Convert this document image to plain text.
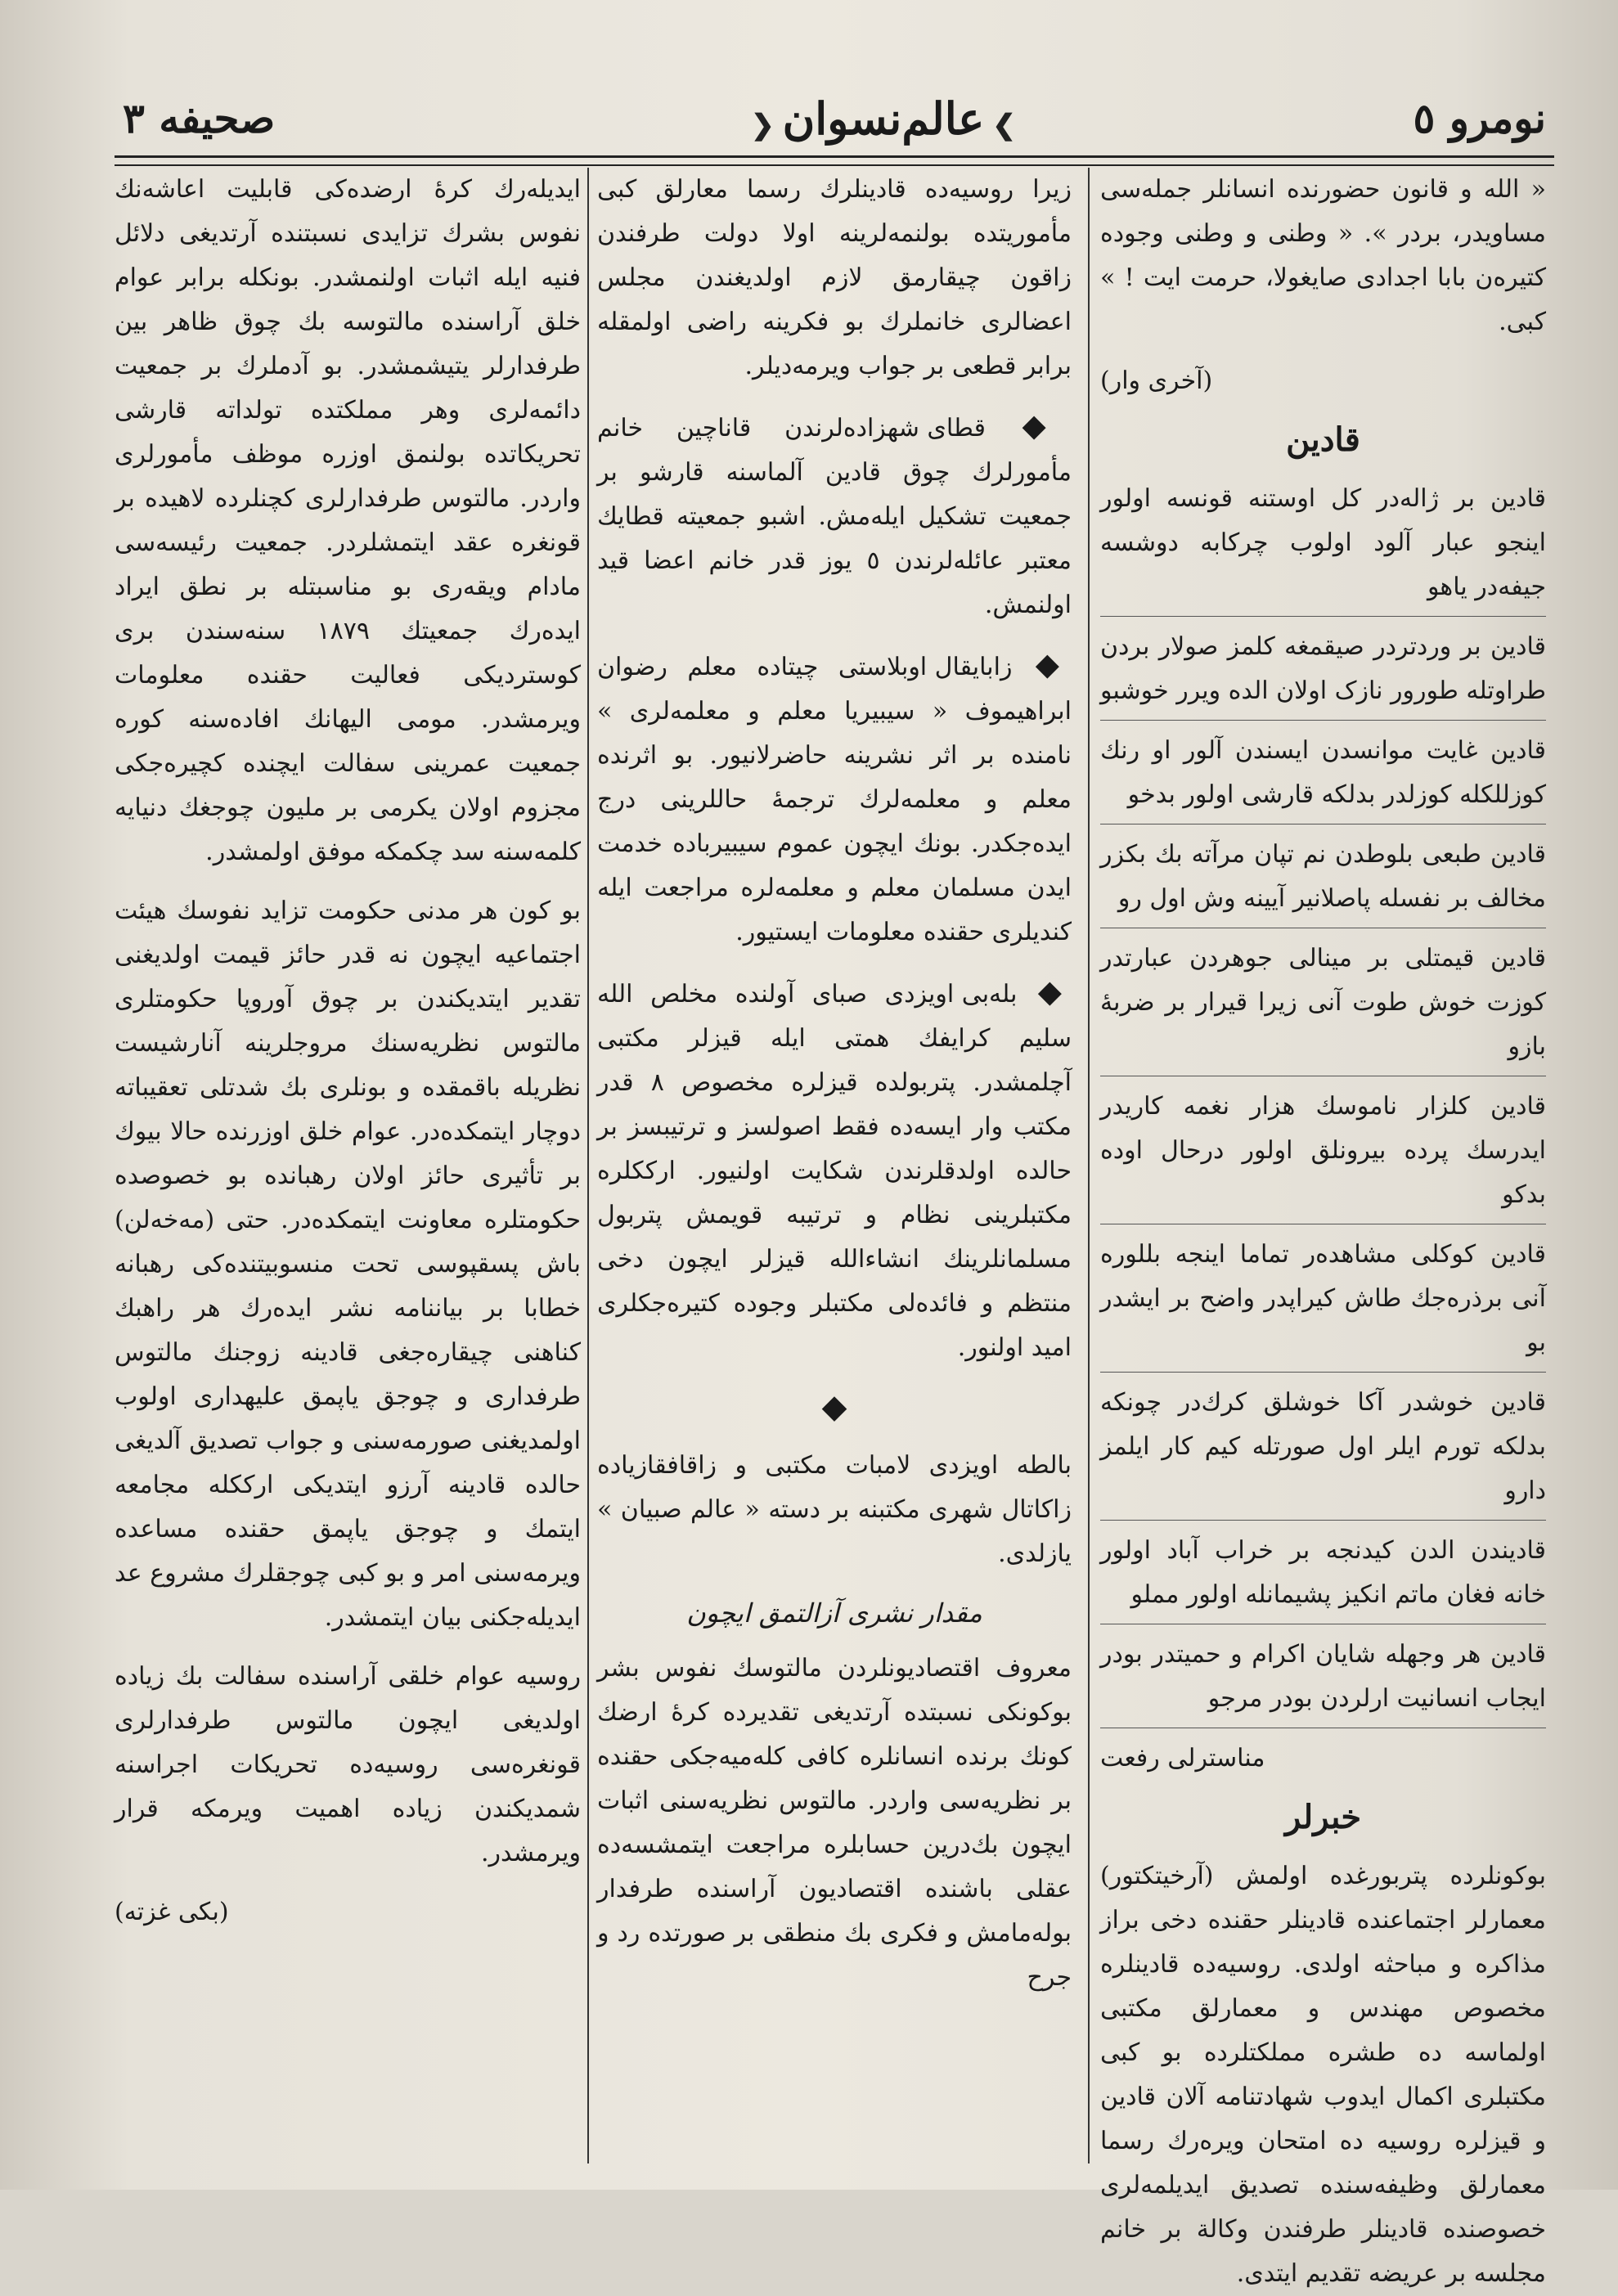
نومرو ٥
❯عالم‌نسوان❮
صحیفه ٣

« الله و قانون حضورنده انسانلر جمله‌سی مساویدر، بردر ». « وطنی و وطنی وجوده کتیره‌ن بابا اجدادی صایغولا، حرمت ایت ! » کبی.

(آخری وار)

قادین

قادین بر ژاله‌در کل اوستنه قونسه اولور اینجو عبار آلود اولوب چرکابه دوشسه جیفه‌در یاهو

قادین بر وردتردر صیقمغه کلمز صولار بردن طراوتله طورور نازک اولان الده ویرر خوشبو

قادین غایت موانسدن ایسندن آلور او رنك کوزللکله کوزلدر بدلکه قارشی اولور بدخو

قادین طبعی بلوطدن نم تپان مرآته بك بکزر مخالف بر نفسله پاصلانیر آیینه وش اول رو

قادین قیمتلی بر مینالی جوهردن عبارتدر کوزت خوش طوت آنی زیرا قیرار بر ضربهٔ بازو

قادین کلزار ناموسك هزار نغمه کاریدر ایدرسك پرده بیرونلق اولور درحال اوده بدکو

قادین کوکلی مشاهده‌ر تماما اینجه بللوره آنی برذره‌جك طاش کیراپدر واضح بر ایشدر بو

قادین خوشدر آکا خوشلق کرك‌در چونکه بدلکه تورم ایلر اول صورتله کیم کار ایلمز دارو

قادیندن الدن کیدنجه بر خراب آباد اولور خانه فغان ماتم انکیز پشیمانله اولور مملو

قادین هر وجهله شایان اکرام و حمیتدر بودر ایجاب انسانیت ارلردن بودر مرجو

مناسترلی رفعت

خبرلر

بوکونلرده پتربورغده اولمش (آرخیتکتور) معمارلر اجتماعنده قادینلر حقنده دخی براز مذاکره و مباحثه اولدی. روسیه‌ده قادینلره مخصوص مهندس و معمارلق مکتبی اولماسه ده طشره مملکتلرده بو کبی مکتبلری اکمال ایدوب شهادتنامه آلان قادین و قیزلره روسیه ده امتحان ویره‌رك رسما معمارلق وظیفه‌سنده تصدیق ایدیلمه‌لری خصوصنده قادینلر طرفندن وکالة بر خانم مجلسه بر عریضه تقدیم ایتدی.

زیرا روسیه‌ده قادینلرك رسما معارلق کبی مأموریتده بولنمه‌لرینه اولا دولت طرفندن زاقون چیقارمق لازم اولدیغندن مجلس اعضالری خانملرك بو فکرینه راضی اولمقله برابر قطعی بر جواب ویرمه‌دیلر.

◆ قطای شهزاده‌لرندن قاناچین خانم مأمورلرك چوق قادین آلماسنه قارشو بر جمعیت تشکیل ایله‌مش. اشبو جمعیته قطایك معتبر عائله‌لرندن ٥ یوز قدر خانم اعضا قید اولنمش.

◆ زابایقال اوبلاستی چیتاده معلم رضوان ابراهیموف « سیبیریا معلم و معلمه‌لری » نامنده بر اثر نشرینه حاضرلانیور. بو اثرنده معلم و معلمه‌لرك ترجمهٔ حاللرینی درج ایده‌جکدر. بونك ایچون عموم سیبیرباده خدمت ایدن مسلمان معلم و معلمه‌لره مراجعت ایله کندیلری حقنده معلومات ایستیور.

◆ بله‌بی اویزدی صبای آولنده مخلص الله سلیم کرایفك همتی ایله قیزلر مکتبی آچلمشدر. پتربولده قیزلره مخصوص ٨ قدر مکتب وار ایسه‌ده فقط اصولسز و ترتیبسز بر حالده اولدقلرندن شکایت اولنیور. ارککلره مکتبلرینی نظام و ترتیبه قویمش پتربول مسلمانلرینك انشاءالله قیزلر ایچون دخی منتظم و فائده‌لی مکتبلر وجوده کتیره‌جکلری امید اولنور.

◆

بالطه اویزدی لامبات مکتبی و زاقافقازیاده زاکاتال شهری مکتبنه بر دسته « عالم صبیان » یازلدی.

مقدار نشری آزالتمق ایچون

معروف اقتصادیونلردن مالتوسك نفوس بشر بوکونکی نسبتده آرتدیغی تقدیرده کرهٔ ارضك کونك برنده انسانلره کافی کله‌میه‌جکی حقنده بر نظریه‌سی واردر. مالتوس نظریه‌سنی اثبات ایچون بك‌درین حسابلره مراجعت ایتمشسه‌ده عقلی باشنده اقتصادیون آراسنده طرفدار بوله‌مامش و فکری بك منطقی بر صورتده رد و جرح

ایدیله‌رك کرهٔ ارضده‌کی قابلیت اعاشه‌نك نفوس بشرك تزایدی نسبتنده آرتدیغی دلائل فنیه ایله اثبات اولنمشدر. بونکله برابر عوام خلق آراسنده مالتوسه بك چوق ظاهر بین طرفدارلر یتیشمشدر. بو آدملرك بر جمعیت دائمه‌لری وهر مملکتده تولداته قارشی تحریکاتده بولنمق اوزره موظف مأمورلری واردر. مالتوس طرفدارلری کچنلرده لاهیده بر قونغره عقد ایتمشلردر. جمعیت رئیسه‌سی مادام ویقه‌ری بو مناسبتله بر نطق ایراد ایده‌رك جمعیتك ١٨٧٩ سنه‌سندن بری کوستردیکی فعالیت حقنده معلومات ویرمشدر. مومی الیهانك افاده‌سنه کوره جمعیت عمرینی سفالت ایچنده کچیره‌جکی مجزوم اولان یکرمی بر ملیون چوجغك دنیایه کلمه‌سنه سد چکمکه موفق اولمشدر.

بو کون هر مدنی حکومت تزاید نفوسك هیئت اجتماعیه ایچون نه قدر حائز قیمت اولدیغنی تقدیر ایتدیکندن بر چوق آوروپا حکومتلری مالتوس نظریه‌سنك مروجلرینه آنارشیست نظریله باقمقده و بونلری بك شدتلی تعقیباته دوچار ایتمکده‌در. عوام خلق اوزرنده حالا بیوك بر تأثیری حائز اولان رهبانده بو خصوصده حکومتلره معاونت ایتمکده‌در. حتی (مه‌خه‌لن) باش پسقپوسی تحت منسوبیتنده‌کی رهبانه خطابا بر بیاننامه نشر ایده‌رك هر راهبك کناهنی چیقاره‌جغی قادینه زوجنك مالتوس طرفداری و چوجق یاپمق علیهداری اولوب اولمدیغنی صورمه‌سنی و جواب تصدیق آلدیغی حالده قادینه آرزو ایتدیکی ارککله مجامعه ایتمك و چوجق یاپمق حقنده مساعده ویرمه‌سنی امر و بو کبی چوجقلرك مشروع عد ایدیله‌جکنی بیان ایتمشدر.

روسیه عوام خلقی آراسنده سفالت بك زیاده اولدیغی ایچون مالتوس طرفدارلری قونغره‌سی روسیه‌ده تحریکات اجراسنه شمدیکندن زیاده اهمیت ویرمکه قرار ویرمشدر.

(بکی غزته)
